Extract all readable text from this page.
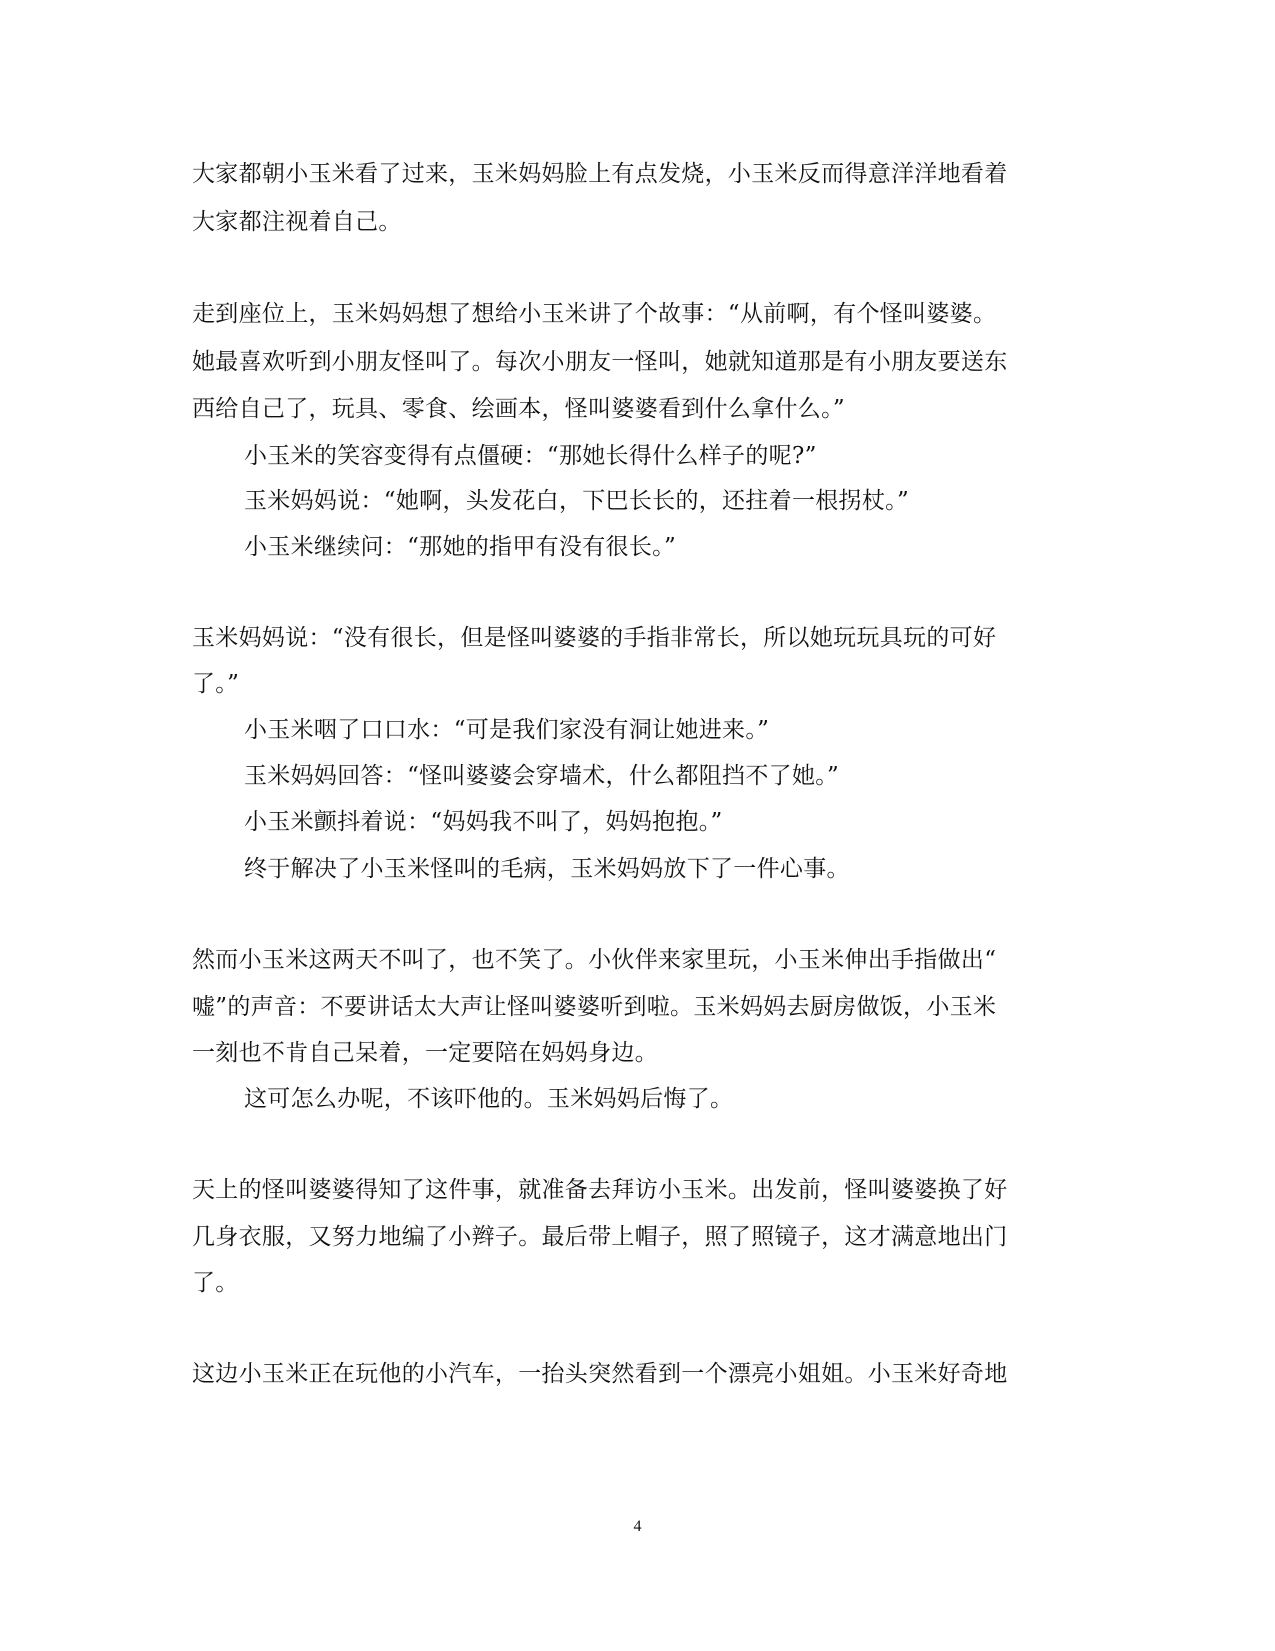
大家都朝小玉米看了过来，玉米妈妈脸上有点发烧，小玉米反而得意洋洋地看着
大家都注视着自己。
走到座位上，玉米妈妈想了想给小玉米讲了个故事：“从前啊，有个怪叫婆婆。
她最喜欢听到小朋友怪叫了。每次小朋友一怪叫，她就知道那是有小朋友要送东
西给自己了，玩具、零食、绘画本，怪叫婆婆看到什么拿什么。”
小玉米的笑容变得有点僵硬：“那她长得什么样子的呢?”
玉米妈妈说：“她啊，头发花白，下巴长长的，还拄着一根拐杖。”
小玉米继续问：“那她的指甲有没有很长。”
玉米妈妈说：“没有很长，但是怪叫婆婆的手指非常长，所以她玩玩具玩的可好
了。”
小玉米咽了口口水：“可是我们家没有洞让她进来。”
玉米妈妈回答：“怪叫婆婆会穿墙术，什么都阻挡不了她。”
小玉米颤抖着说：“妈妈我不叫了，妈妈抱抱。”
终于解决了小玉米怪叫的毛病，玉米妈妈放下了一件心事。
然而小玉米这两天不叫了，也不笑了。小伙伴来家里玩，小玉米伸出手指做出“
嘘”的声音：不要讲话太大声让怪叫婆婆听到啦。玉米妈妈去厨房做饭，小玉米
一刻也不肯自己呆着，一定要陪在妈妈身边。
这可怎么办呢，不该吓他的。玉米妈妈后悔了。
天上的怪叫婆婆得知了这件事，就准备去拜访小玉米。出发前，怪叫婆婆换了好
几身衣服，又努力地编了小辫子。最后带上帽子，照了照镜子，这才满意地出门
了。
这边小玉米正在玩他的小汽车，一抬头突然看到一个漂亮小姐姐。小玉米好奇地
4
